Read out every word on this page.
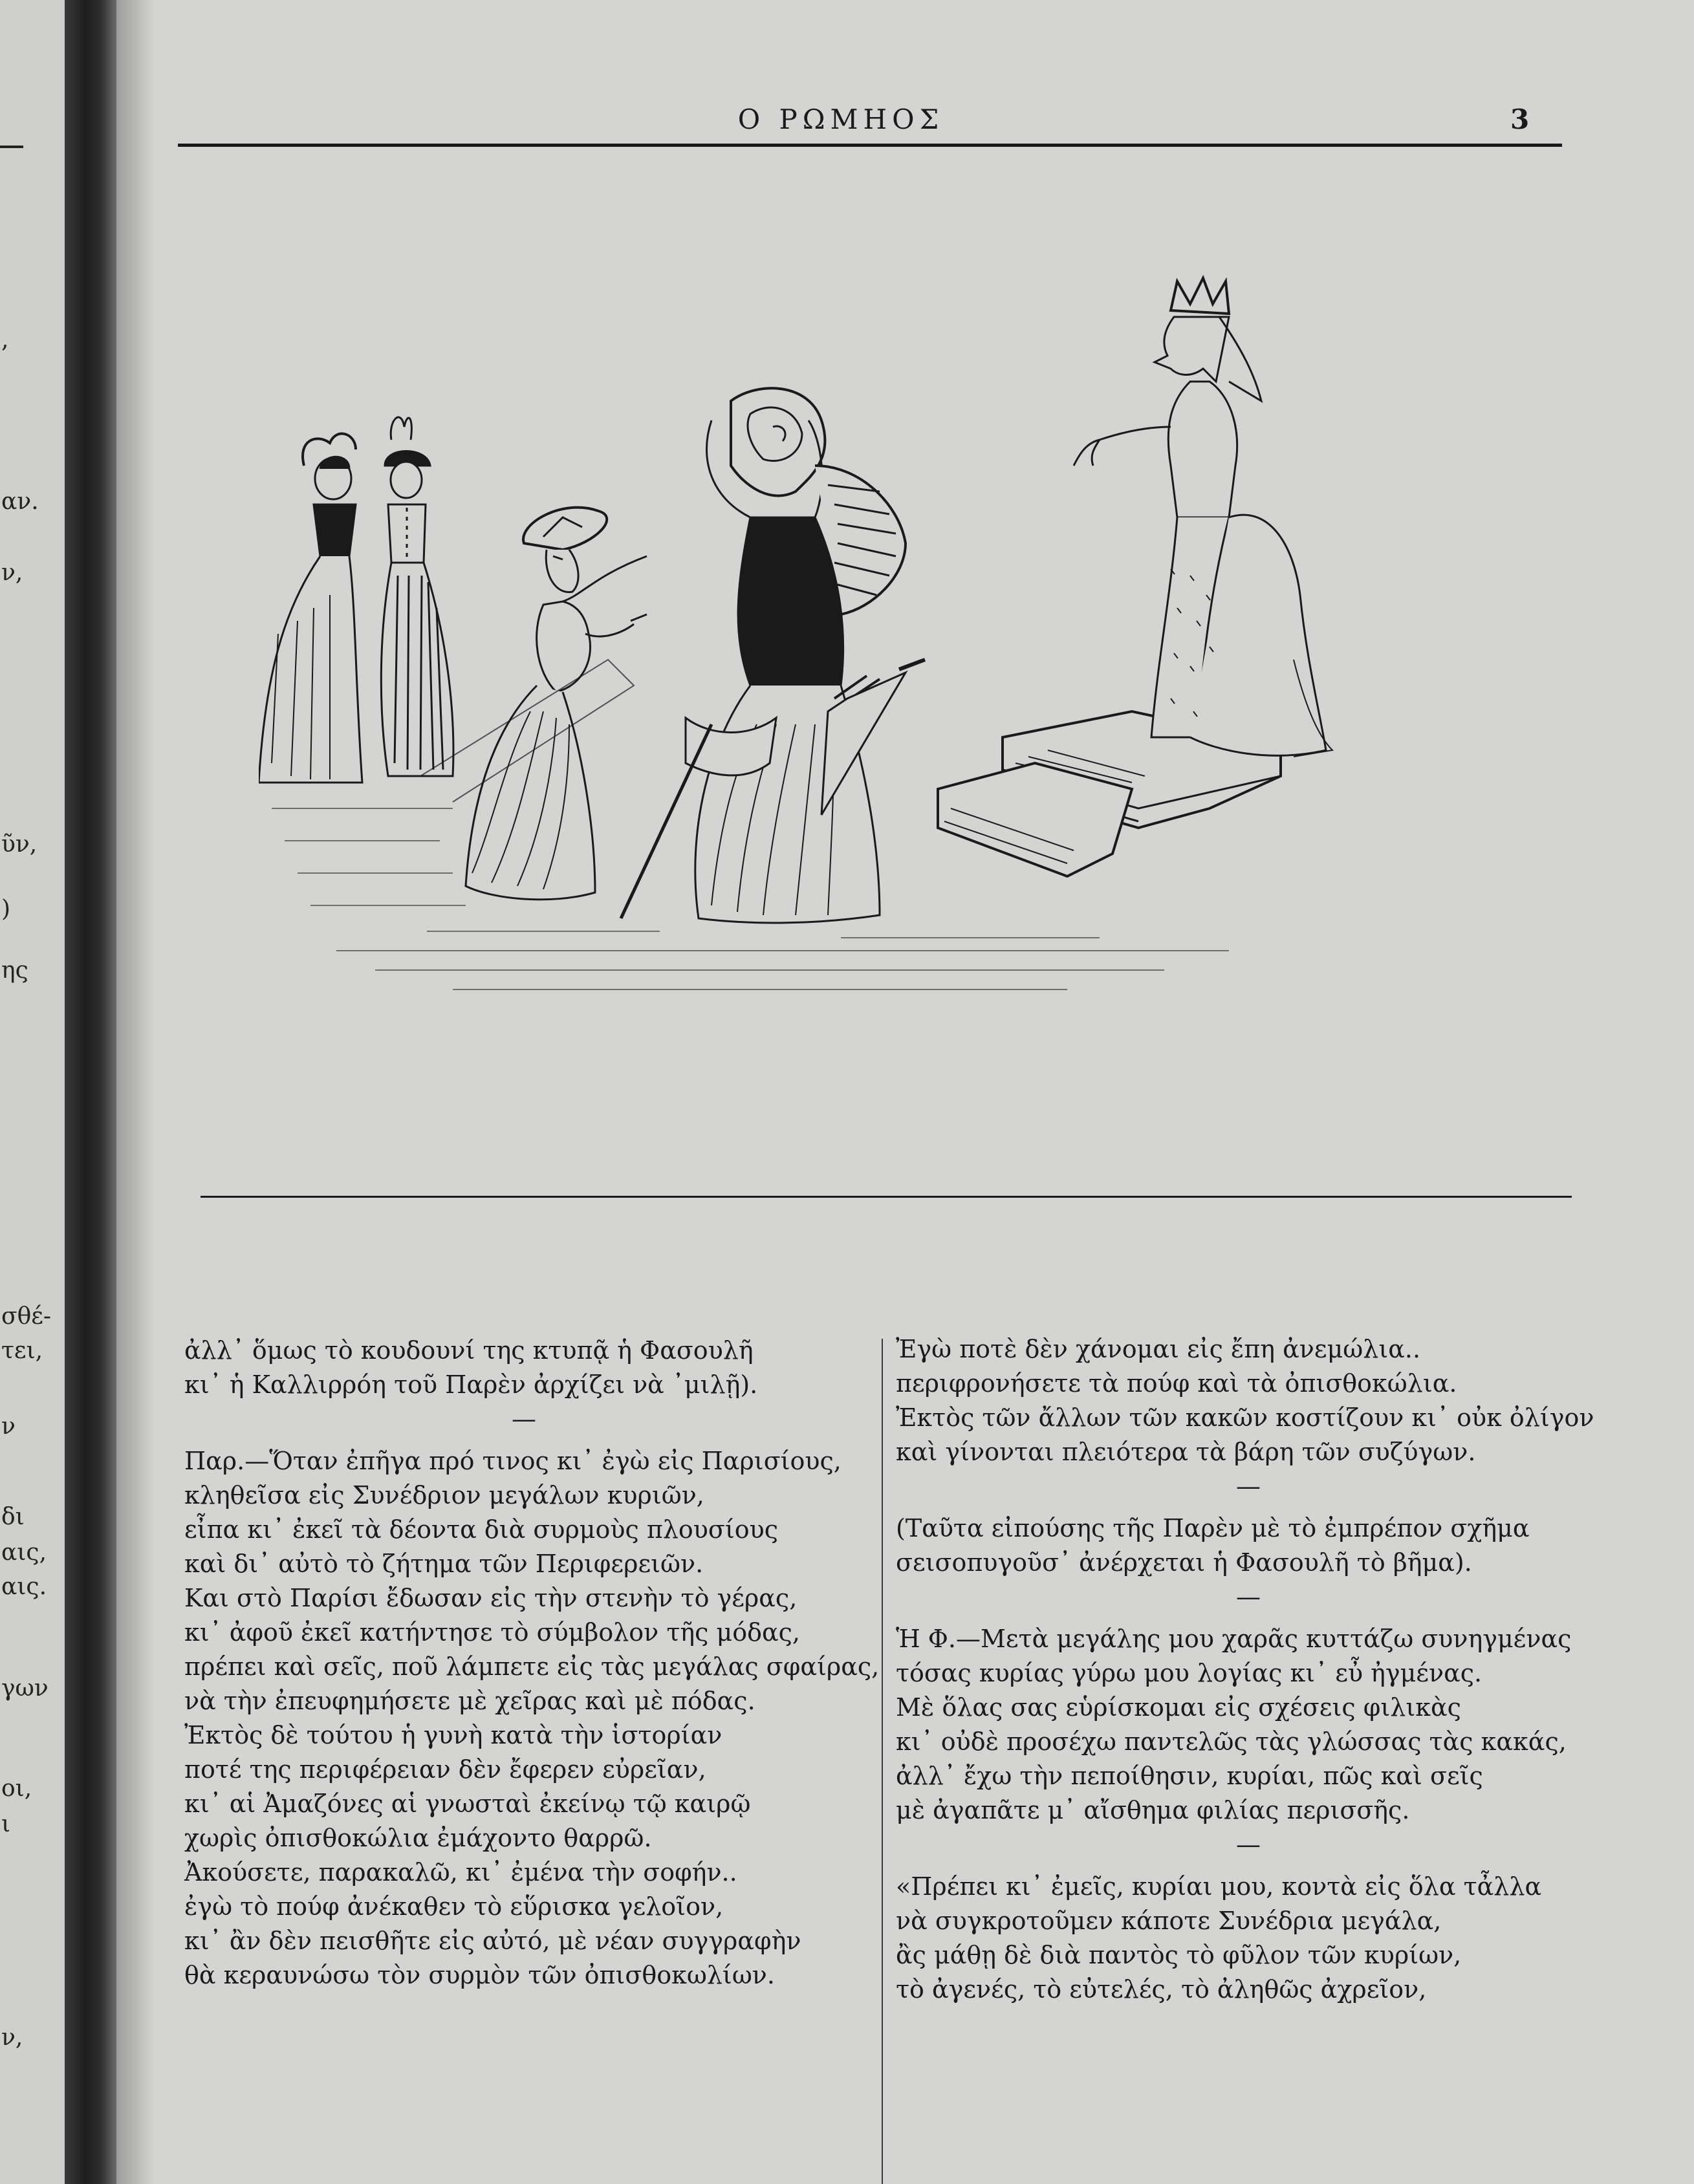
,
αν.
ν,
ῦν,
)
ης
σθέ-
τει,
ν
δι
αις,
αις.
γων
οι,
ι
ν,
Ο ΡΩΜΗΟΣ	3
ἀλλ᾿ ὅμως τὸ κουδουνί της κτυπᾷ ἡ Φασουλῆ
κι᾿ ἡ Καλλιρρόη τοῦ Παρὲν ἀρχίζει νὰ ᾿μιλῇ).
—
Παρ.—Ὅταν ἐπῆγα πρό τινος κι᾿ ἐγὼ εἰς Παρισίους,
κληθεῖσα εἰς Συνέδριον μεγάλων κυριῶν,
εἶπα κι᾿ ἐκεῖ τὰ δέοντα διὰ συρμοὺς πλουσίους
καὶ δι᾿ αὐτὸ τὸ ζήτημα τῶν Περιφερειῶν.
Και στὸ Παρίσι ἔδωσαν εἰς τὴν στενὴν τὸ γέρας,
κι᾿ ἀφοῦ ἐκεῖ κατήντησε τὸ σύμβολον τῆς μόδας,
πρέπει καὶ σεῖς, ποῦ λάμπετε εἰς τὰς μεγάλας σφαίρας,
νὰ τὴν ἐπευφημήσετε μὲ χεῖρας καὶ μὲ πόδας.
Ἐκτὸς δὲ τούτου ἡ γυνὴ κατὰ τὴν ἱστορίαν
ποτέ της περιφέρειαν δὲν ἔφερεν εὐρεῖαν,
κι᾿ αἱ Ἀμαζόνες αἱ γνωσταὶ ἐκείνῳ τῷ καιρῷ
χωρὶς ὀπισθοκώλια ἐμάχοντο θαρρῶ.
Ἀκούσετε, παρακαλῶ, κι᾿ ἐμένα τὴν σοφήν..
ἐγὼ τὸ πούφ ἀνέκαθεν τὸ εὕρισκα γελοῖον,
κι᾿ ἂν δὲν πεισθῆτε εἰς αὐτό, μὲ νέαν συγγραφὴν
θὰ κεραυνώσω τὸν συρμὸν τῶν ὀπισθοκωλίων.
Ἐγὼ ποτὲ δὲν χάνομαι εἰς ἔπη ἀνεμώλια..
περιφρονήσετε τὰ πούφ καὶ τὰ ὀπισθοκώλια.
Ἐκτὸς τῶν ἄλλων τῶν κακῶν κοστίζουν κι᾿ οὐκ ὀλίγον
καὶ γίνονται πλειότερα τὰ βάρη τῶν συζύγων.
—
(Ταῦτα εἰπούσης τῆς Παρὲν μὲ τὸ ἐμπρέπον σχῆμα
σεισοπυγοῦσ᾿ ἀνέρχεται ἡ Φασουλῆ τὸ βῆμα).
—
Ἡ Φ.—Μετὰ μεγάλης μου χαρᾶς κυττάζω συνηγμένας
τόσας κυρίας γύρω μου λογίας κι᾿ εὖ ἠγμένας.
Μὲ ὅλας σας εὑρίσκομαι εἰς σχέσεις φιλικὰς
κι᾿ οὐδὲ προσέχω παντελῶς τὰς γλώσσας τὰς κακάς,
ἀλλ᾿ ἔχω τὴν πεποίθησιν, κυρίαι, πῶς καὶ σεῖς
μὲ ἀγαπᾶτε μ᾿ αἴσθημα φιλίας περισσῆς.
—
«Πρέπει κι᾿ ἐμεῖς, κυρίαι μου, κοντὰ εἰς ὅλα τἆλλα
νὰ συγκροτοῦμεν κάποτε Συνέδρια μεγάλα,
ἂς μάθῃ δὲ διὰ παντὸς τὸ φῦλον τῶν κυρίων,
τὸ ἀγενές, τὸ εὐτελές, τὸ ἀληθῶς ἀχρεῖον,
